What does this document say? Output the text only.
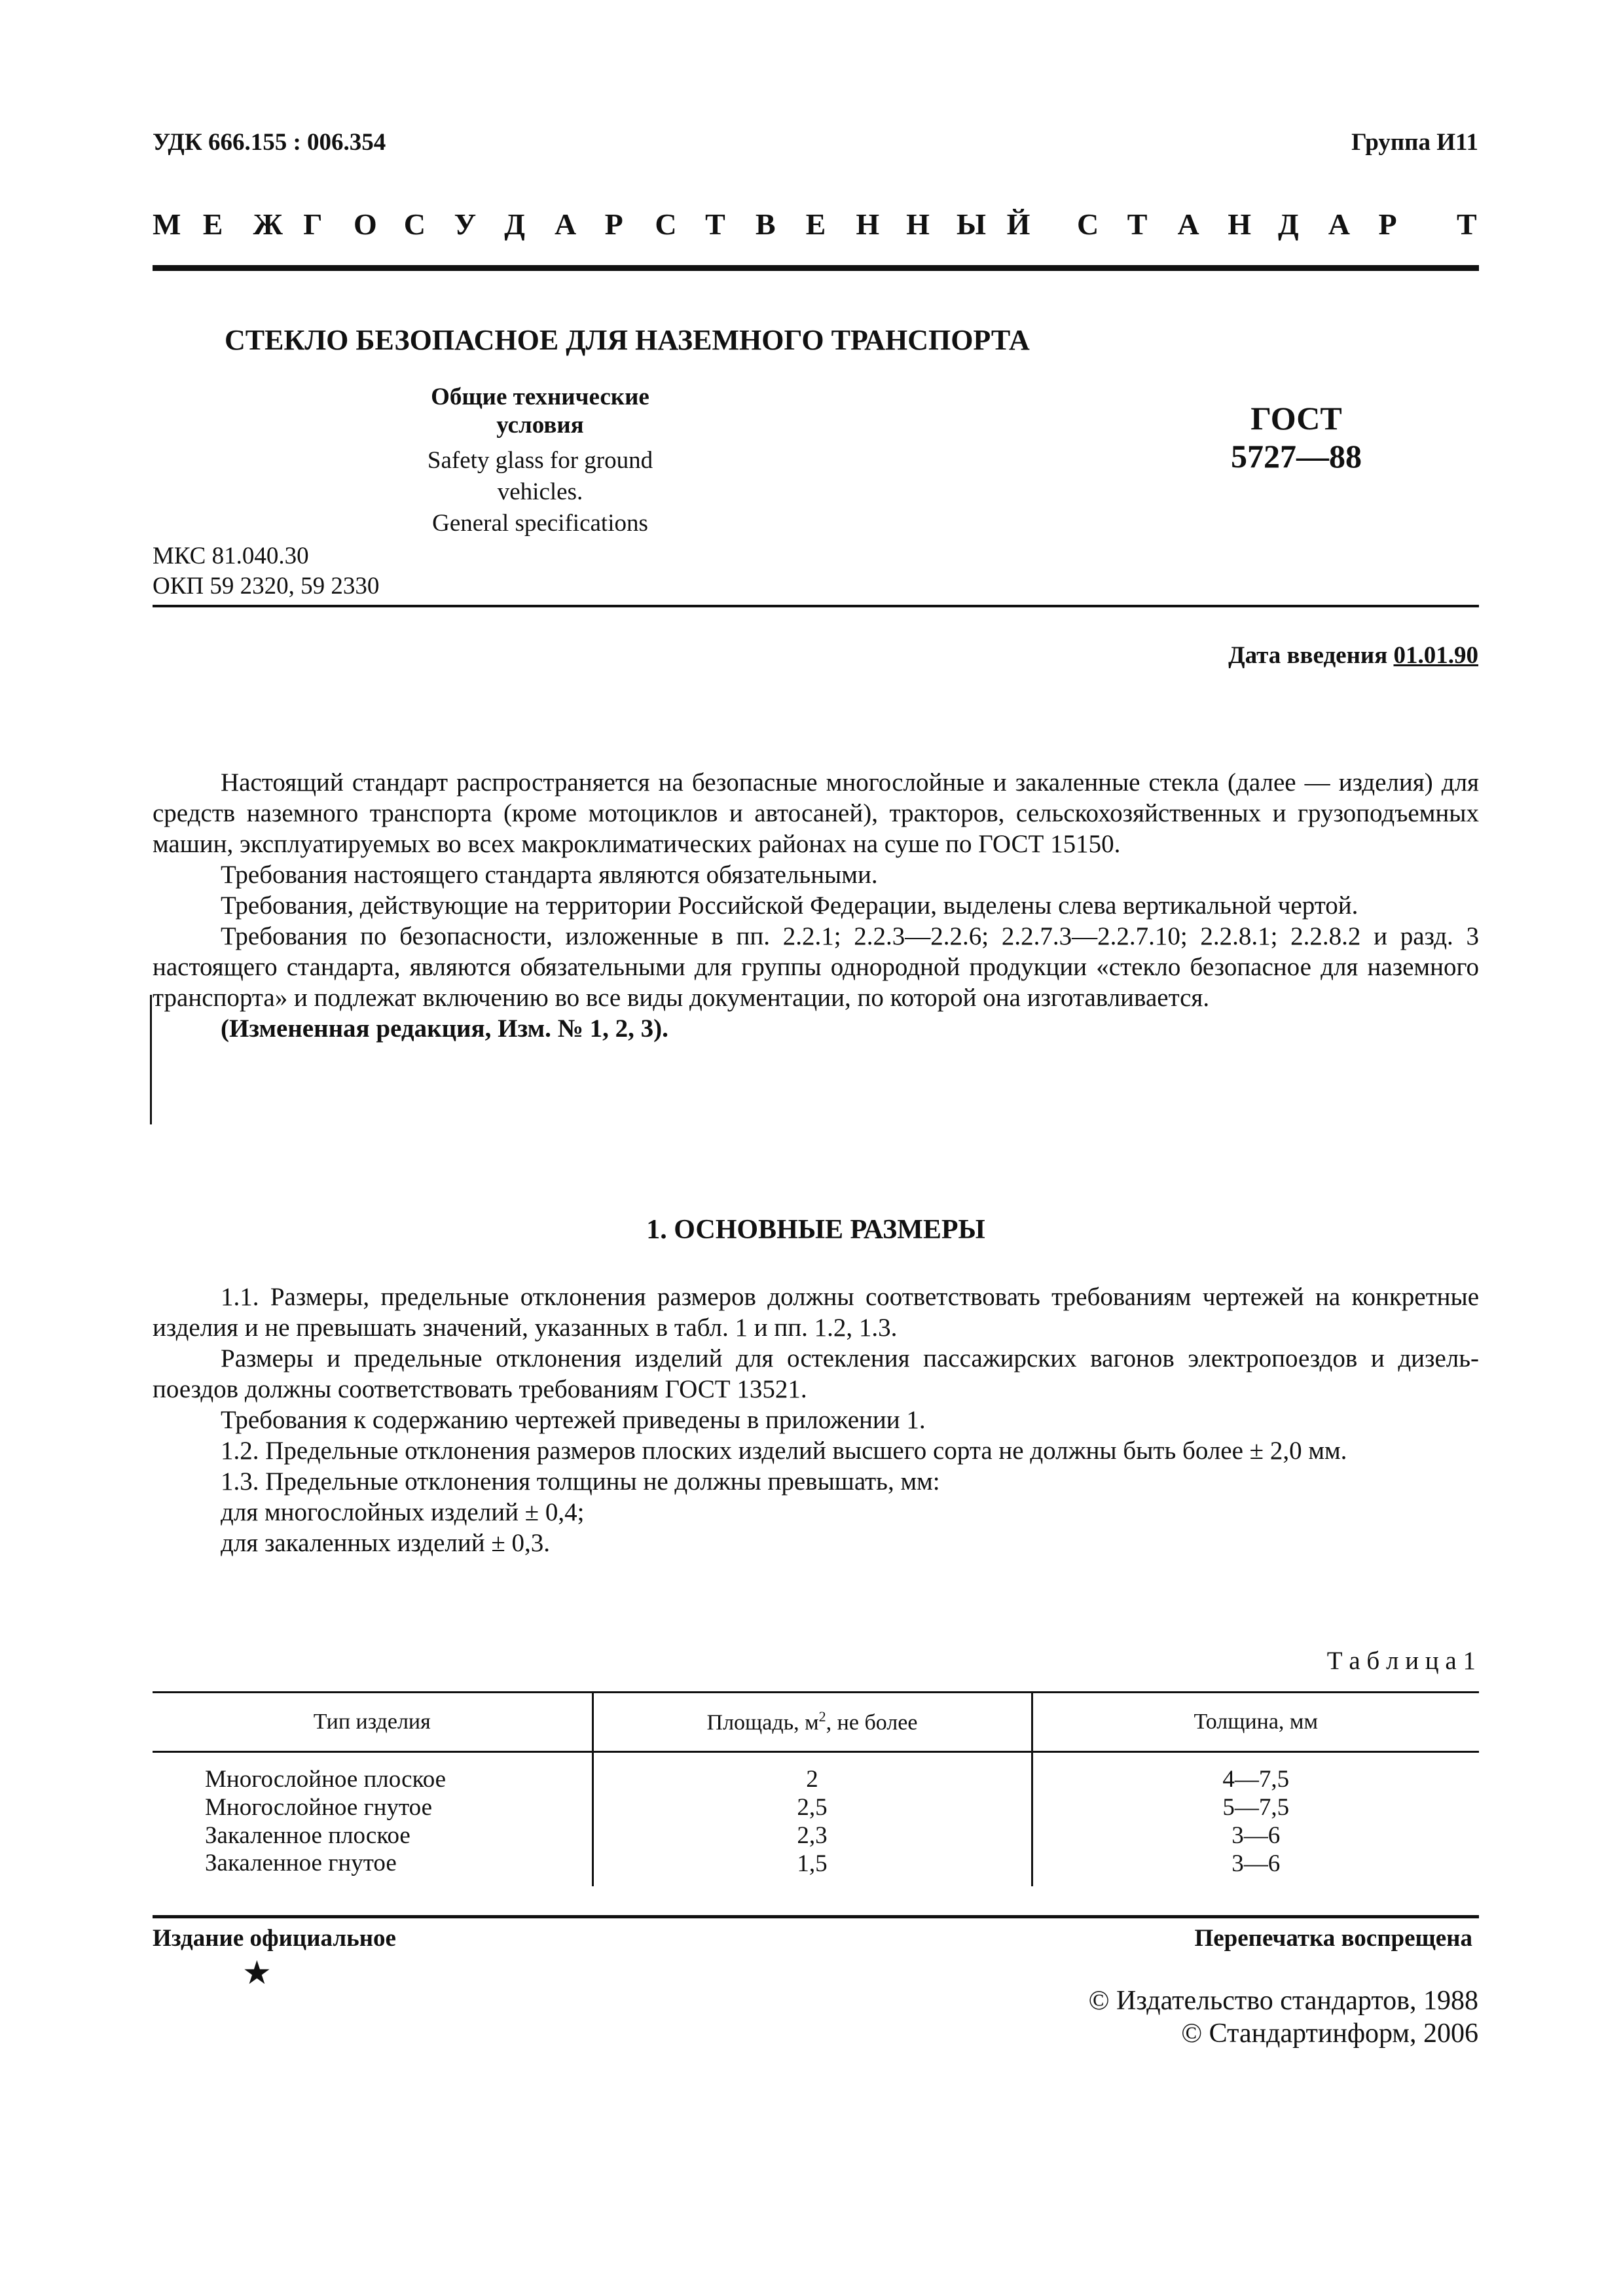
УДК 666.155 : 006.354	Группа И11
М Е Ж Г О С У Д А Р С Т В Е Н Н Ы Й С Т А Н Д А Р Т
СТЕКЛО БЕЗОПАСНОЕ ДЛЯ НАЗЕМНОГО ТРАНСПОРТА
Общие технические условия
Safety glass for ground vehicles.
General specifications
ГОСТ
5727—88
МКС 81.040.30
ОКП 59 2320, 59 2330
Дата введения 01.01.90

Настоящий стандарт распространяется на безопасные многослойные и закаленные стекла (далее — изделия) для средств наземного транспорта (кроме мотоциклов и автосаней), тракторов, сельскохозяйственных и грузоподъемных машин, эксплуатируемых во всех макроклиматических районах на суше по ГОСТ 15150.

Требования настоящего стандарта являются обязательными.

Требования, действующие на территории Российской Федерации, выделены слева вертикальной чертой.

Требования по безопасности, изложенные в пп. 2.2.1; 2.2.3—2.2.6; 2.2.7.3—2.2.7.10; 2.2.8.1; 2.2.8.2 и разд. 3 настоящего стандарта, являются обязательными для группы однородной продукции «стекло безопасное для наземного транспорта» и подлежат включению во все виды документации, по которой она изготавливается.

(Измененная редакция, Изм. № 1, 2, 3).

1. ОСНОВНЫЕ РАЗМЕРЫ

1.1. Размеры, предельные отклонения размеров должны соответствовать требованиям чертежей на конкретные изделия и не превышать значений, указанных в табл. 1 и пп. 1.2, 1.3.

Размеры и предельные отклонения изделий для остекления пассажирских вагонов электропоездов и дизель-поездов должны соответствовать требованиям ГОСТ 13521.

Требования к содержанию чертежей приведены в приложении 1.

1.2. Предельные отклонения размеров плоских изделий высшего сорта не должны быть более ± 2,0 мм.

1.3. Предельные отклонения толщины не должны превышать, мм:

для многослойных изделий ± 0,4;

для закаленных изделий ± 0,3.

Т а б л и ц а 1
Тип изделия	Площадь, $м^2$, не более	Толщина, мм
Многослойное плоское	2	4—7,5
Многослойное гнутое	2,5	5—7,5
Закаленное плоское	2,3	3—6
Закаленное гнутое	1,5	3—6
Издание официальное
★
Перепечатка воспрещена
© Издательство стандартов, 1988
© Стандартинформ, 2006
